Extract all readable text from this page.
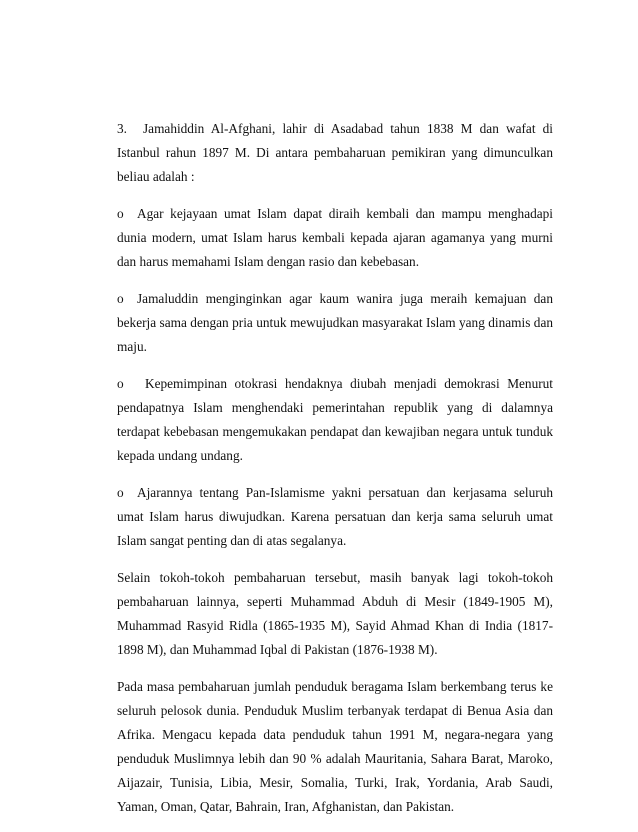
3. Jamahiddin Al-Afghani, lahir di Asadabad tahun 1838 M dan wafat di Istanbul rahun 1897 M. Di antara pembaharuan pemikiran yang dimunculkan beliau adalah :

o Agar kejayaan umat Islam dapat diraih kembali dan mampu menghadapi dunia modern, umat Islam harus kembali kepada ajaran agamanya yang murni dan harus memahami Islam dengan rasio dan kebebasan.

o Jamaluddin menginginkan agar kaum wanira juga meraih kemajuan dan bekerja sama dengan pria untuk mewujudkan masyarakat Islam yang dinamis dan maju.

o Kepemimpinan otokrasi hendaknya diubah menjadi demokrasi Menurut pendapatnya Islam menghendaki pemerintahan republik yang di dalamnya terdapat kebebasan mengemukakan pendapat dan kewajiban negara untuk tunduk kepada undang undang.

o Ajarannya tentang Pan-Islamisme yakni persatuan dan kerjasama seluruh umat Islam harus diwujudkan. Karena persatuan dan kerja sama seluruh umat Islam sangat penting dan di atas segalanya.

Selain tokoh-tokoh pembaharuan tersebut, masih banyak lagi tokoh-tokoh pembaharuan lainnya, seperti Muhammad Abduh di Mesir (1849-1905 M), Muhammad Rasyid Ridla (1865-1935 M), Sayid Ahmad Khan di India (1817- 1898 M), dan Muhammad Iqbal di Pakistan (1876-1938 M).

Pada masa pembaharuan jumlah penduduk beragama Islam berkembang terus ke seluruh pelosok dunia. Penduduk Muslim terbanyak terdapat di Benua Asia dan Afrika. Mengacu kepada data penduduk tahun 1991 M, negara-negara yang penduduk Muslimnya lebih dan 90 % adalah Mauritania, Sahara Barat, Maroko, Aijazair, Tunisia, Libia, Mesir, Somalia, Turki, Irak, Yordania, Arab Saudi, Yaman, Oman, Qatar, Bahrain, Iran, Afghanistan, dan Pakistan.
